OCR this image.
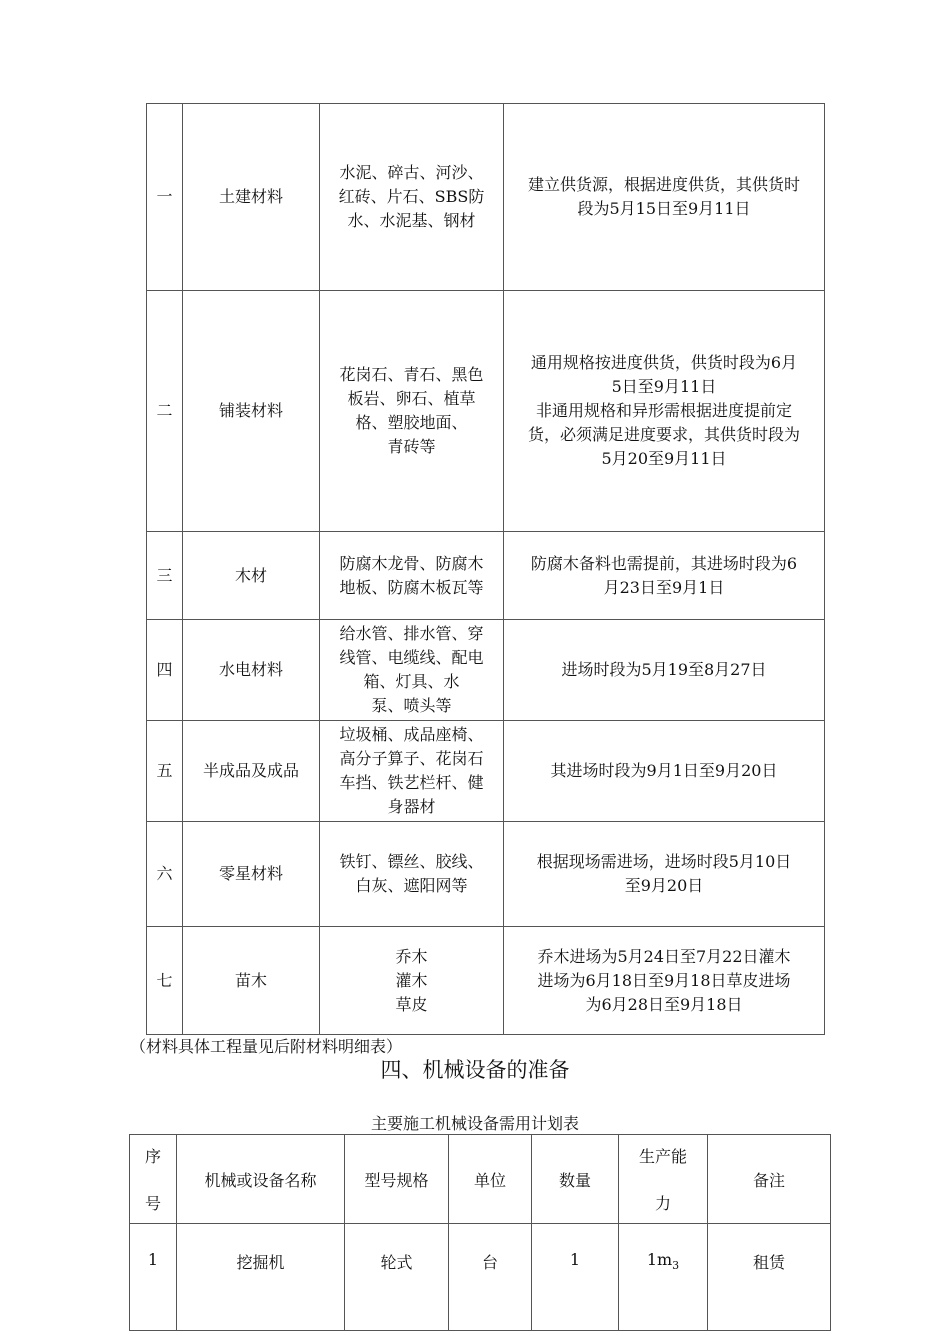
一	土建材料	水泥、碎古、河沙、
红砖、片石、SBS防
水、水泥基、钢材	建立供货源，根据进度供货，其供货时
段为5月15日至9月11日
二	铺装材料	花岗石、青石、黑色
板岩、卵石、植草
格、塑胶地面、
青砖等	通用规格按进度供货，供货时段为6月
5日至9月11日
非通用规格和异形需根据进度提前定
货，必须满足进度要求，其供货时段为
5月20至9月11日
三	木材	防腐木龙骨、防腐木
地板、防腐木板瓦等	防腐木备料也需提前，其进场时段为6
月23日至9月1日
四	水电材料	给水管、排水管、穿
线管、电缆线、配电
箱、灯具、水
泵、喷头等	进场时段为5月19至8月27日
五	半成品及成品	垃圾桶、成品座椅、
高分子算子、花岗石
车挡、铁艺栏杆、健
身器材	其进场时段为9月1日至9月20日
六	零星材料	铁钉、镖丝、胶线、
白灰、遮阳网等	根据现场需进场，进场时段5月10日
至9月20日
七	苗木	乔木
灌木
草皮	乔木进场为5月24日至7月22日灌木
进场为6月18日至9月18日草皮进场
为6月28日至9月18日
（材料具体工程量见后附材料明细表）
四、机械设备的准备
主要施工机械设备需用计划表
序
号	机械或设备名称	型号规格	单位	数量	生产能
力	备注
1	挖掘机	轮式	台	1	$1m_3$	租赁
